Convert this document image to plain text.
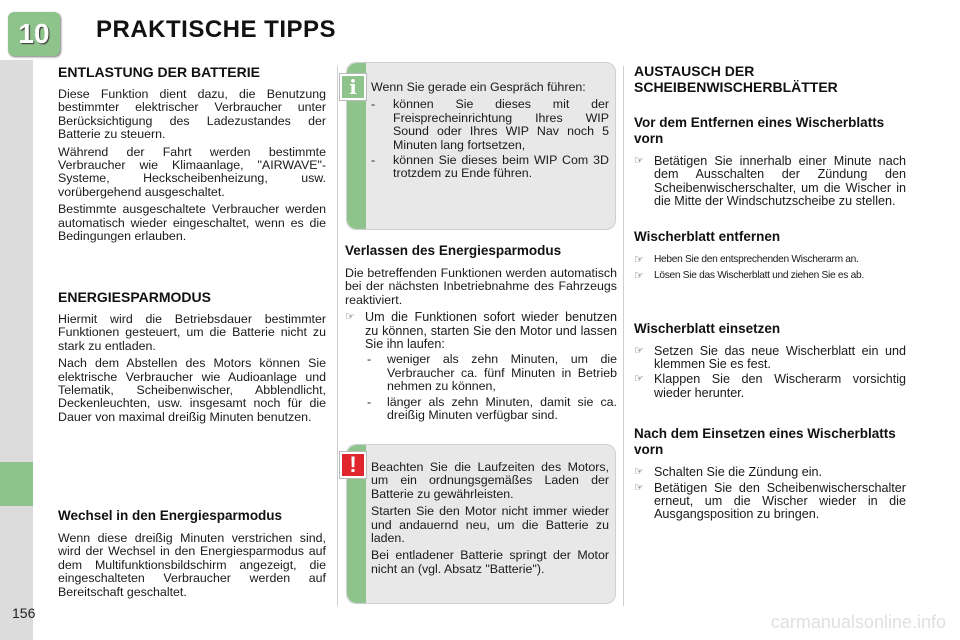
10	PRAKTISCHE TIPPS
156	carmanualsonline.info
ENTLASTUNG DER BATTERIE
Diese Funktion dient dazu, die Benutzung bestimmter elektrischer Verbraucher unter Berücksichtigung des Ladezustandes der Batterie zu steuern.
Während der Fahrt werden bestimmte Verbraucher wie Klimaanlage, "AIRWAVE"-Systeme, Heckscheibenheizung, usw. vorübergehend ausgeschaltet.
Bestimmte ausgeschaltete Verbraucher werden automatisch wieder eingeschaltet, wenn es die Bedingungen erlauben.
ENERGIESPARMODUS
Hiermit wird die Betriebsdauer bestimmter Funktionen gesteuert, um die Batterie nicht zu stark zu entladen.
Nach dem Abstellen des Motors können Sie elektrische Verbraucher wie Audioanlage und Telematik, Scheibenwischer, Abblendlicht, Deckenleuchten, usw. insgesamt noch für die Dauer von maximal dreißig Minuten benutzen.
Wechsel in den Energiesparmodus
Wenn diese dreißig Minuten verstrichen sind, wird der Wechsel in den Energiesparmodus auf dem Multifunktionsbildschirm angezeigt, die eingeschalteten Verbraucher werden auf Bereitschaft geschaltet.
Wenn Sie gerade ein Gespräch führen:
- können Sie dieses mit der Freisprecheinrichtung Ihres WIP Sound oder Ihres WIP Nav noch 5 Minuten lang fortsetzen,
- können Sie dieses beim WIP Com 3D trotzdem zu Ende führen.
i
Verlassen des Energiesparmodus
Die betreffenden Funktionen werden automatisch bei der nächsten Inbetriebnahme des Fahrzeugs reaktiviert.
☞ Um die Funktionen sofort wieder benutzen zu können, starten Sie den Motor und lassen Sie ihn laufen:
- weniger als zehn Minuten, um die Verbraucher ca. fünf Minuten in Betrieb nehmen zu können,
- länger als zehn Minuten, damit sie ca. dreißig Minuten verfügbar sind.
Beachten Sie die Laufzeiten des Motors, um ein ordnungsgemäßes Laden der Batterie zu gewährleisten.
Starten Sie den Motor nicht immer wieder und andauernd neu, um die Batterie zu laden.
Bei entladener Batterie springt der Motor nicht an (vgl. Absatz "Batterie").
!
AUSTAUSCH DER SCHEIBENWISCHERBLÄTTER
Vor dem Entfernen eines Wischerblatts vorn
☞ Betätigen Sie innerhalb einer Minute nach dem Ausschalten der Zündung den Scheibenwischerschalter, um die Wischer in die Mitte der Windschutzscheibe zu stellen.
Wischerblatt entfernen
☞ Heben Sie den entsprechenden Wischerarm an.
☞ Lösen Sie das Wischerblatt und ziehen Sie es ab.
Wischerblatt einsetzen
☞ Setzen Sie das neue Wischerblatt ein und klemmen Sie es fest.
☞ Klappen Sie den Wischerarm vorsichtig wieder herunter.
Nach dem Einsetzen eines Wischerblatts vorn
☞ Schalten Sie die Zündung ein.
☞ Betätigen Sie den Scheibenwischerschalter erneut, um die Wischer wieder in die Ausgangsposition zu bringen.
